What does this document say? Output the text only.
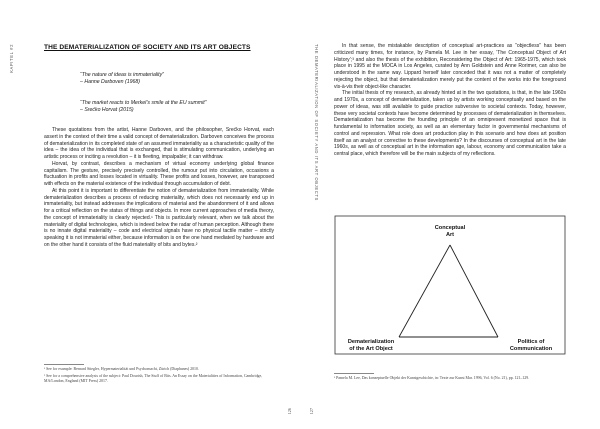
KAPITEL #2	THE DEMATERIALIZATION OF SOCIETY AND ITS ART OBJECTS
“The nature of ideas is immateriality”
– Hanne Darboven (1968)
“The market reacts to Merkel’s smile at the EU summit”
– Srećko Horvat (2015)

These quotations from the artist, Hanne Darboven, and the philosopher, Srećko Horvat, each assert in the context of their time a valid concept of dematerialization. Darboven conceives the process of dematerialization in its completed state of an assumed immateriality as a characteristic quality of the idea – the idea of the individual that is exchanged, that is stimulating communication, underlying an artistic process or inciting a revolution – it is fleeting, impalpable; it can withdraw.

Horvat, by contrast, describes a mechanism of virtual economy underlying global finance capitalism. The gesture, precisely precisely controlled, the rumour put into circulation, occasions a fluctuation in profits and losses located in virtuality. These profits and losses, however, are transposed with effects on the material existence of the individual through accumulation of debt.

At this point it is important to differentiate the notion of dematerialization from immateriality. While dematerialization describes a process of reducing materiality, which does not necessarily end up in immateriality, but instead addresses the implications of material and the abandonment of it and allows for a critical reflection on the status of things and objects. In more current approaches of media theory, the concept of immateriality is clearly rejected.¹ This is particularly relevant, when we talk about the materiality of digital technologies, which is indeed below the radar of human perception. Although there is no innate digital materiality – code and electrical signals have no physical tactile matter – strictly speaking it is not immaterial either, because information is on the one hand mediated by hardware and on the other hand it consists of the fluid materiality of bits and bytes.²

¹ See for example: Bernard Stiegler, Hypermaterialität und Psychomacht, Zürich (Diaphanes) 2010.
² See for a comprehensive analysis of the subject: Paul Dourish, The Stuff of Bits. An Essay on the Materialities of Information, Cambridge, MA/London, England (MIT Press) 2017.
126
THE DEMATERIALIZATION OF SOCIETY AND ITS ART OBJECTS
127

In that sense, the mistakable description of conceptual art-practices as “objectless” has been criticized many times, for instance, by Pamela M. Lee in her essay, ‘The Conceptual Object of Art History’;³ and also the thesis of the exhibition, Reconsidering the Object of Art: 1965-1975, which took place in 1995 at the MOCA in Los Angeles, curated by Ann Goldstein and Anne Rorimer, can also be understood in the same way. Lippard herself later conceded that it was not a matter of completely rejecting the object, but that dematerialization merely put the content of the works into the foreground vis-à-vis their object-like character.

The initial thesis of my research, as already hinted at in the two quotations, is that, in the late 1960s and 1970s, a concept of dematerialization, taken up by artists working conceptually and based on the power of ideas, was still available to guide practice subversive to societal contexts. Today, however, these very societal contexts have become determined by processes of dematerialization in themselves. Dematerialization has become the founding principle of an omnipresent monetized space that is fundamental to information society, as well as an elementary factor in governmental mechanisms of control and repression. What role does art production play in this scenario and how does art position itself as an analyst or corrective to these developments? In the discourses of conceptual art in the late 1960s, as well as of conceptual art in the information age, labour, economy and communication take a central place, which therefore will be the main subjects of my reflections.

Conceptual
Art
Dematerialization
of the Art Object
Politics of
Communication
³ Pamela M. Lee, Das konzeptuelle Objekt der Kunstgeschichte, in: Texte zur Kunst Mar. 1996, Vol. 6 (No. 21), pp. 121–129.
